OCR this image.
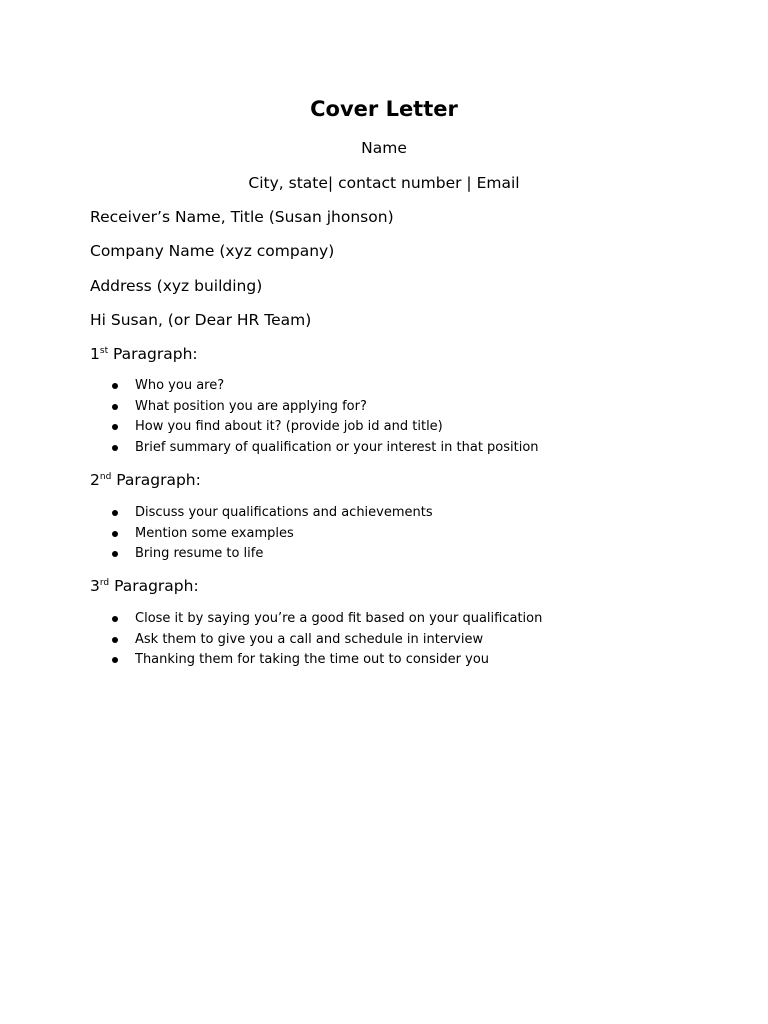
Cover Letter
Name
City, state| contact number | Email
Receiver’s Name, Title (Susan jhonson)
Company Name (xyz company)
Address (xyz building)
Hi Susan, (or Dear HR Team)
1st Paragraph:
Who you are?
What position you are applying for?
How you find about it? (provide job id and title)
Brief summary of qualification or your interest in that position
2nd Paragraph:
Discuss your qualifications and achievements
Mention some examples
Bring resume to life
3rd Paragraph:
Close it by saying you’re a good fit based on your qualification
Ask them to give you a call and schedule in interview
Thanking them for taking the time out to consider you
